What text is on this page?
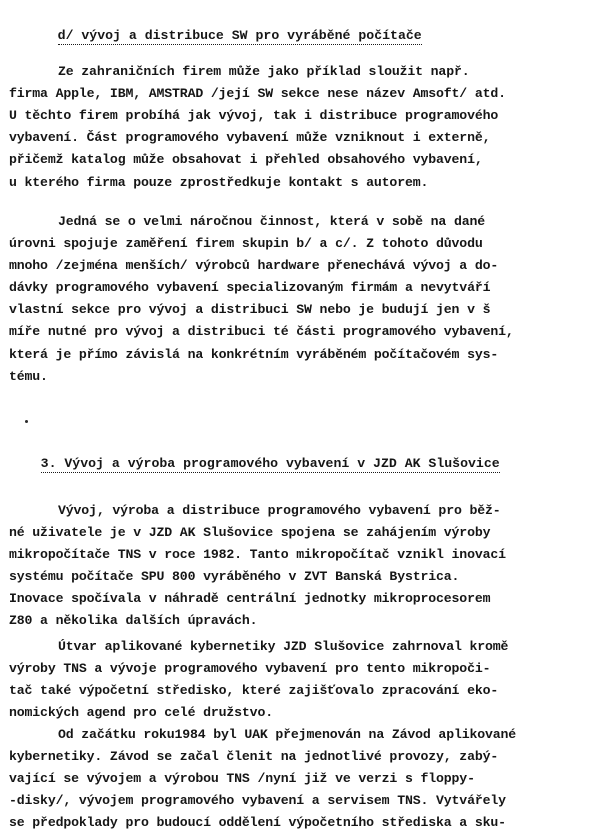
d/ vývoj a distribuce SW pro vyráběné počítače

Ze zahraničních firem může jako příklad sloužit např.
firma Apple, IBM, AMSTRAD /její SW sekce nese název Amsoft/ atd.
U těchto firem probíhá jak vývoj, tak i distribuce programového
vybavení. Část programového vybavení může vzniknout i externě,
přičemž katalog může obsahovat i přehled obsahového vybavení,
u kterého firma pouze zprostředkuje kontakt s autorem.
Jedná se o velmi náročnou činnost, která v sobě na dané
úrovni spojuje zaměření firem skupin b/ a c/. Z tohoto důvodu
mnoho /zejména menších/ výrobců hardware přenechává vývoj a do-
dávky programového vybavení specializovaným firmám a nevytváří
vlastní sekce pro vývoj a distribuci SW nebo je budují jen v š
míře nutné pro vývoj a distribuci té části programového vybavení,
která je přímo závislá na konkrétním vyráběném počítačovém sys-
tému.

3. Vývoj a výroba programového vybavení v JZD AK Slušovice

Vývoj, výroba a distribuce programového vybavení pro běž-
né uživatele je v JZD AK Slušovice spojena se zahájením výroby
mikropočítače TNS v roce 1982. Tanto mikropočítač vznikl inovací
systému počítače SPU 800 vyráběného v ZVT Banská Bystrica.
Inovace spočívala v náhradě centrální jednotky mikroprocesorem
Z80 a několika dalších úpravách.
Útvar aplikované kybernetiky JZD Slušovice zahrnoval kromě
výroby TNS a vývoje programového vybavení pro tento mikropoči-
tač také výpočetní středisko, které zajišťovalo zpracování eko-
nomických agend pro celé družstvo.
Od začátku roku1984 byl UAK přejmenován na Závod aplikované
kybernetiky. Závod se začal členit na jednotlivé provozy, zabý-
vající se vývojem a výrobou TNS /nyní již ve verzi s floppy-
-disky/, vývojem programového vybavení a servisem TNS. Vytvářely
se předpoklady pro budoucí oddělení výpočetního střediska a sku-
